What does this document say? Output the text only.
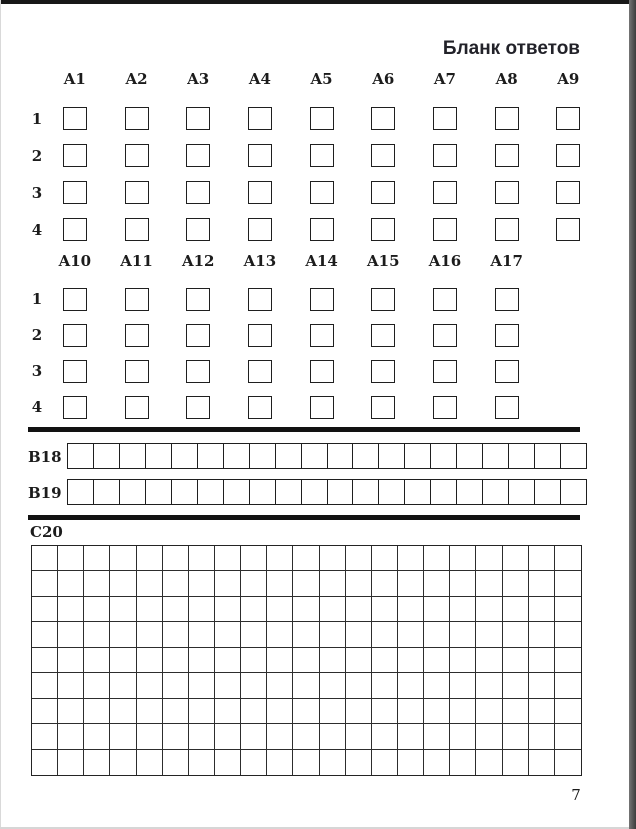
Бланк ответов
A1	A2	A3	A4	A5	A6	A7	A8	A9
1
2
3
4
A10	A11	A12	A13	A14	A15	A16	A17
1
2
3
4
B18
B19
C20
7
